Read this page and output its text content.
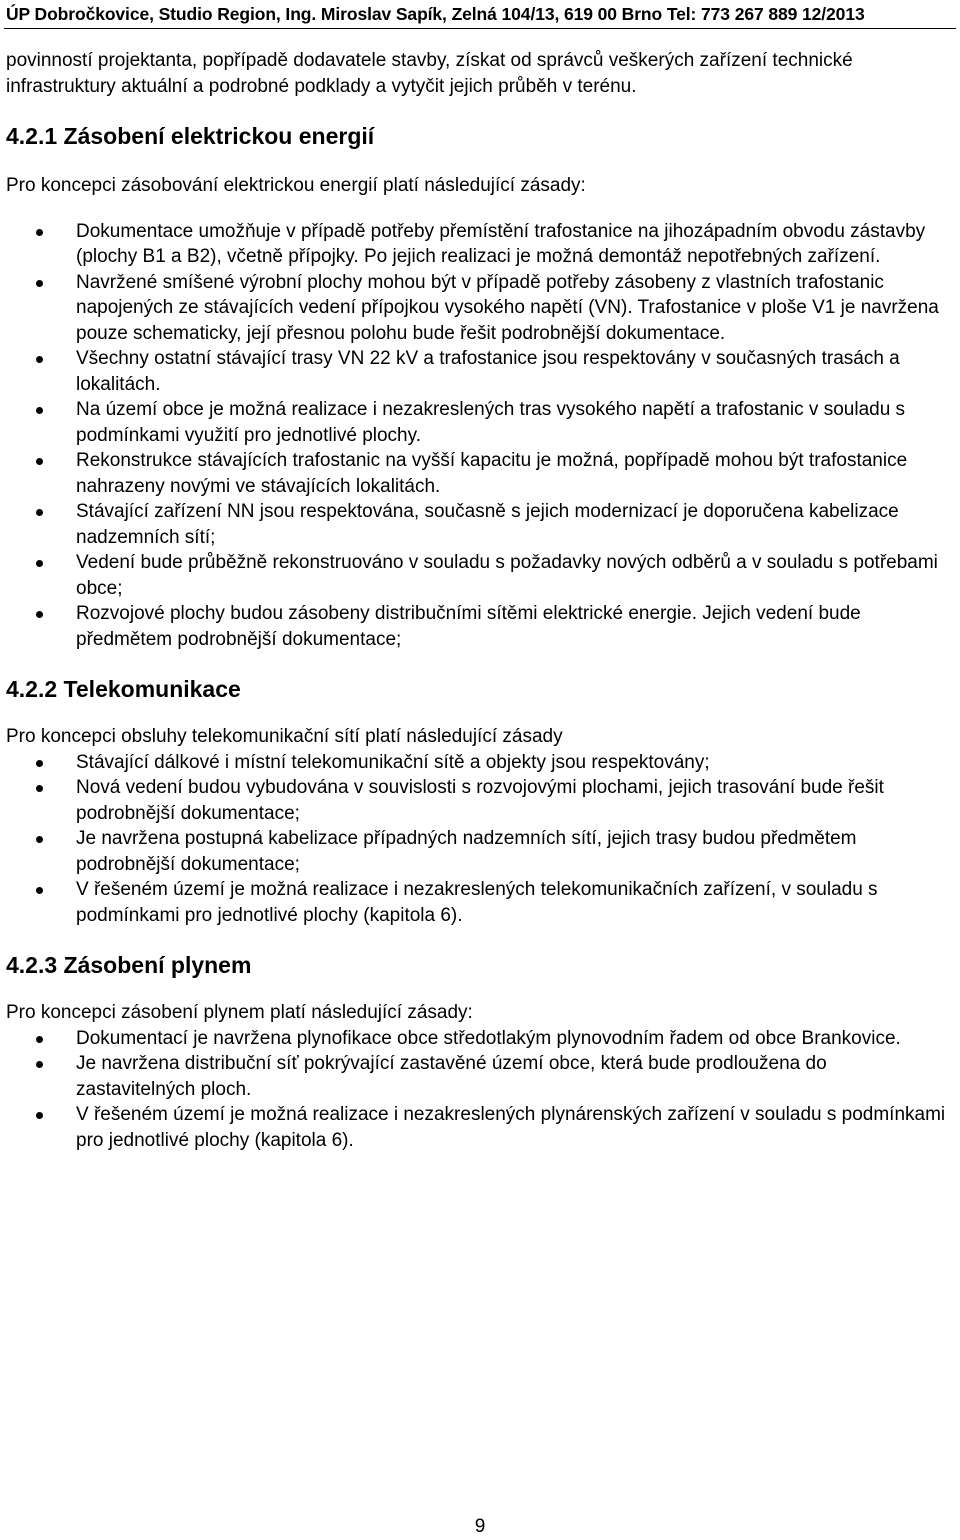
ÚP Dobročkovice, Studio Region, Ing. Miroslav Sapík, Zelná 104/13, 619 00 Brno Tel: 773 267 889 12/2013

povinností projektanta, popřípadě dodavatele stavby, získat od správců veškerých zařízení technické infrastruktury aktuální a podrobné podklady a vytyčit jejich průběh v terénu.

4.2.1 Zásobení elektrickou energií

Pro koncepci zásobování elektrickou energií platí následující zásady:

Dokumentace umožňuje v případě potřeby přemístění trafostanice na jihozápadním obvodu zástavby (plochy B1 a B2), včetně přípojky. Po jejich realizaci je možná demontáž nepotřebných zařízení.
Navržené smíšené výrobní plochy mohou být v případě potřeby zásobeny z vlastních trafostanic napojených ze stávajících vedení přípojkou vysokého napětí (VN). Trafostanice v ploše V1 je navržena pouze schematicky, její přesnou polohu bude řešit podrobnější dokumentace.
Všechny ostatní stávající trasy VN 22 kV a trafostanice jsou respektovány v současných trasách a lokalitách.
Na území obce je možná realizace i nezakreslených tras vysokého napětí a trafostanic v souladu s podmínkami využití pro jednotlivé plochy.
Rekonstrukce stávajících trafostanic na vyšší kapacitu je možná, popřípadě mohou být trafostanice nahrazeny novými ve stávajících lokalitách.
Stávající zařízení NN jsou respektována, současně s jejich modernizací je doporučena kabelizace nadzemních sítí;
Vedení bude průběžně rekonstruováno v souladu s požadavky nových odběrů a v souladu s potřebami obce;
Rozvojové plochy budou zásobeny distribučními sítěmi elektrické energie. Jejich vedení bude předmětem podrobnější dokumentace;
4.2.2 Telekomunikace

Pro koncepci obsluhy telekomunikační sítí platí následující zásady

Stávající dálkové i místní telekomunikační sítě a objekty jsou respektovány;
Nová vedení budou vybudována v souvislosti s rozvojovými plochami, jejich trasování bude řešit podrobnější dokumentace;
Je navržena postupná kabelizace případných nadzemních sítí, jejich trasy budou předmětem podrobnější dokumentace;
V řešeném území je možná realizace i nezakreslených telekomunikačních zařízení, v souladu s podmínkami pro jednotlivé plochy (kapitola 6).
4.2.3 Zásobení plynem

Pro koncepci zásobení plynem platí následující zásady:

Dokumentací je navržena plynofikace obce středotlakým plynovodním řadem od obce Brankovice.
Je navržena distribuční síť pokrývající zastavěné území obce, která bude prodloužena do zastavitelných ploch.
V řešeném území je možná realizace i nezakreslených plynárenských zařízení v souladu s podmínkami pro jednotlivé plochy (kapitola 6).
9
